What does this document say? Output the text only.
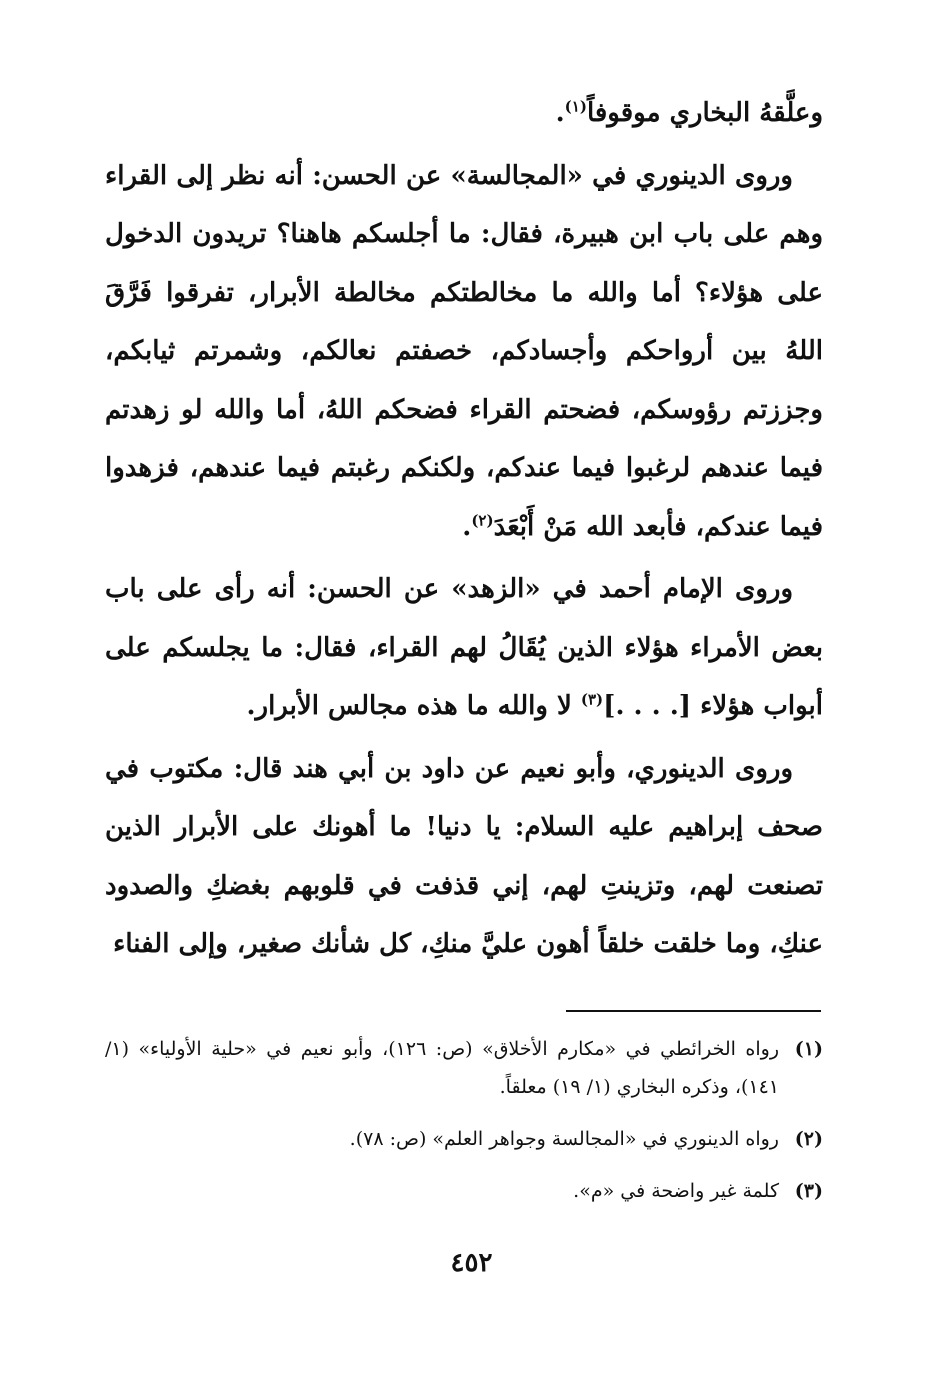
وعلَّقهُ البخاري موقوفاً$^{(١)}$.

وروى الدينوري في «المجالسة» عن الحسن: أنه نظر إلى القراء وهم على باب ابن هبيرة، فقال: ما أجلسكم هاهنا؟ تريدون الدخول على هؤلاء؟ أما والله ما مخالطتكم مخالطة الأبرار، تفرقوا فَرَّقَ اللهُ بين أرواحكم وأجسادكم، خصفتم نعالكم، وشمرتم ثيابكم، وجززتم رؤوسكم، فضحتم القراء فضحكم اللهُ، أما والله لو زهدتم فيما عندهم لرغبوا فيما عندكم، ولكنكم رغبتم فيما عندهم، فزهدوا فيما عندكم، فأبعد الله مَنْ أَبْعَدَ$^{(٢)}$.

وروى الإمام أحمد في «الزهد» عن الحسن: أنه رأى على باب بعض الأمراء هؤلاء الذين يُقَالُ لهم القراء، فقال: ما يجلسكم على أبواب هؤلاء [. . . .]$^{(٣)}$ لا والله ما هذه مجالس الأبرار.

وروى الدينوري، وأبو نعيم عن داود بن أبي هند قال: مكتوب في صحف إبراهيم عليه السلام: يا دنيا! ما أهونك على الأبرار الذين تصنعت لهم، وتزينتِ لهم، إني قذفت في قلوبهم بغضكِ والصدود عنكِ، وما خلقت خلقاً أهون عليَّ منكِ، كل شأنك صغير، وإلى الفناء

(١)
رواه الخرائطي في «مكارم الأخلاق» (ص: ١٢٦)، وأبو نعيم في «حلية الأولياء» (١/ ١٤١)، وذكره البخاري (١/ ١٩) معلقاً.
(٢)
رواه الدينوري في «المجالسة وجواهر العلم» (ص: ٧٨).
(٣)
كلمة غير واضحة في «م».
٤٥٢
